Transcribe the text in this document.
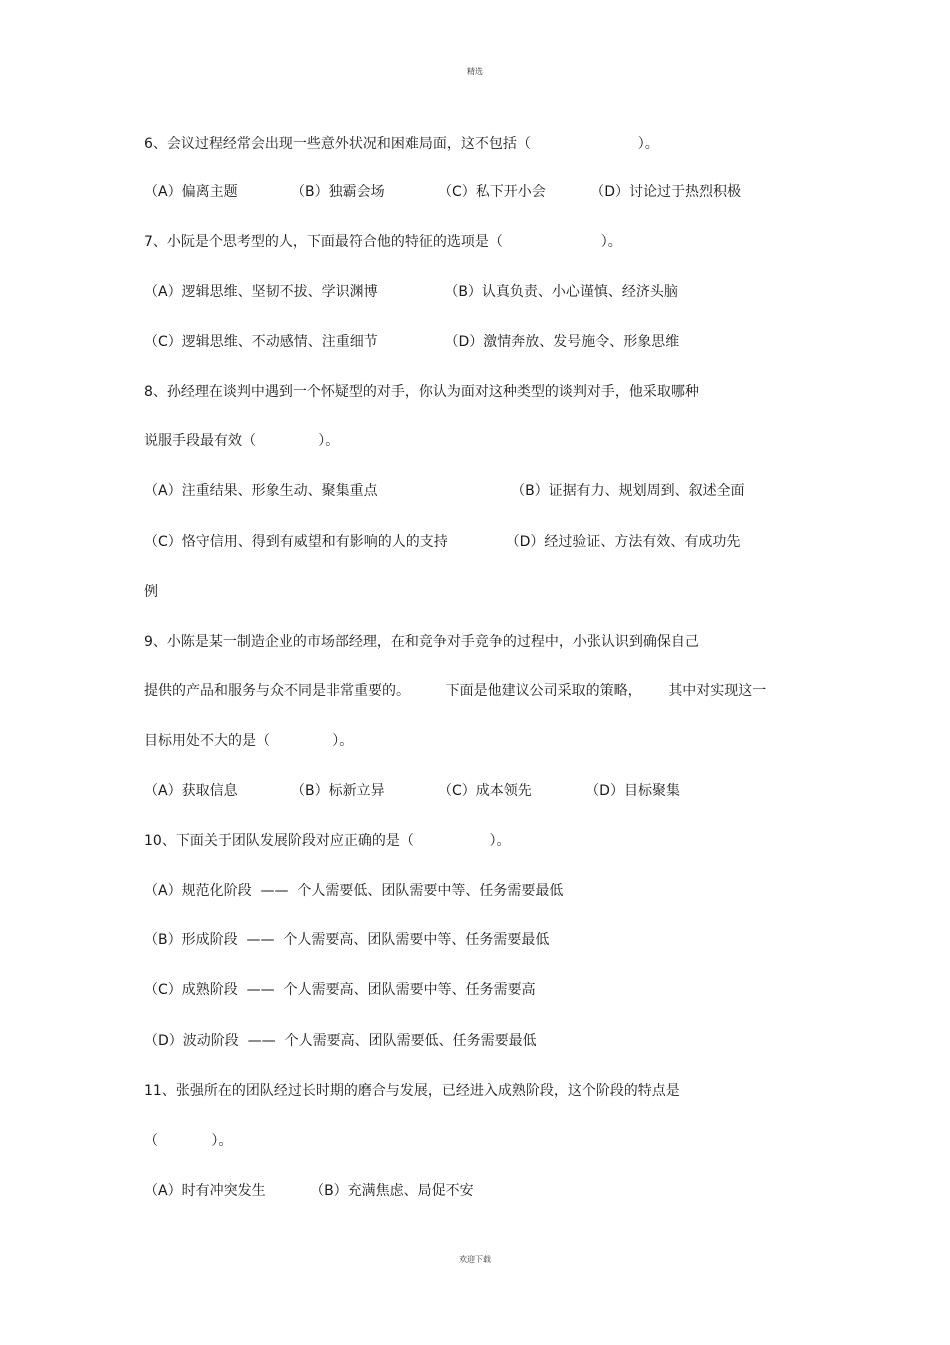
精选
6、会议过程经常会出现一些意外状况和困难局面，这不包括（                        ）。
（A）偏离主题            （B）独霸会场            （C）私下开小会          （D）讨论过于热烈积极
7、小阮是个思考型的人，下面最符合他的特征的选项是（                      ）。
（A）逻辑思维、坚韧不拔、学识渊博               （B）认真负责、小心谨慎、经济头脑
（C）逻辑思维、不动感情、注重细节               （D）激情奔放、发号施令、形象思维
8、孙经理在谈判中遇到一个怀疑型的对手，你认为面对这种类型的谈判对手，他采取哪种
说服手段最有效（              ）。
（A）注重结果、形象生动、聚集重点                              （B）证据有力、规划周到、叙述全面
（C）恪守信用、得到有威望和有影响的人的支持             （D）经过验证、方法有效、有成功先
例
9、小陈是某一制造企业的市场部经理，在和竞争对手竞争的过程中，小张认识到确保自己
提供的产品和服务与众不同是非常重要的。        下面是他建议公司采取的策略，      其中对实现这一
目标用处不大的是（              ）。
（A）获取信息            （B）标新立异            （C）成本领先            （D）目标聚集
10、下面关于团队发展阶段对应正确的是（                 ）。
（A）规范化阶段  ——  个人需要低、团队需要中等、任务需要最低
（B）形成阶段  ——  个人需要高、团队需要中等、任务需要最低
（C）成熟阶段  ——  个人需要高、团队需要中等、任务需要高
（D）波动阶段  ——  个人需要高、团队需要低、任务需要最低
11、张强所在的团队经过长时期的磨合与发展，已经进入成熟阶段，这个阶段的特点是
（            ）。
（A）时有冲突发生          （B）充满焦虑、局促不安
欢迎下载
